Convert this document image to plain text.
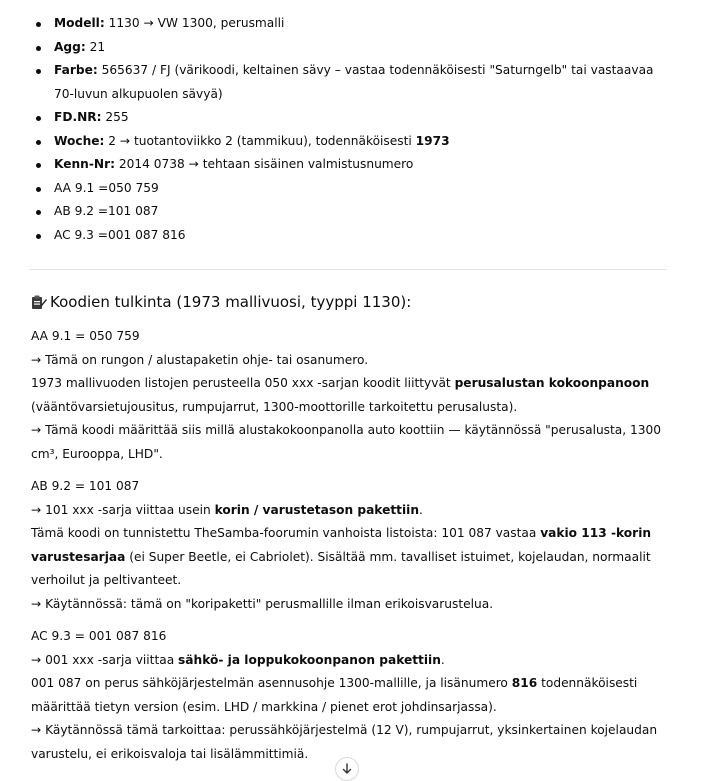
Modell: 1130 → VW 1300, perusmalli
Agg: 21
Farbe: 565637 / FJ (värikoodi, keltainen sävy – vastaa todennäköisesti "Saturngelb" tai vastaavaa 70-luvun alkupuolen sävyä)
FD.NR: 255
Woche: 2 → tuotantoviikko 2 (tammikuu), todennäköisesti 1973
Kenn-Nr: 2014 0738 → tehtaan sisäinen valmistusnumero
AA 9.1 =050 759
AB 9.2 =101 087
AC 9.3 =001 087 816
Koodien tulkinta (1973 mallivuosi, tyyppi 1130):

AA 9.1 = 050 759

→ Tämä on rungon / alustapaketin ohje- tai osanumero.

1973 mallivuoden listojen perusteella 050 xxx -sarjan koodit liittyvät perusalustan kokoonpanoon (vääntövarsietujousitus, rumpujarrut, 1300-moottorille tarkoitettu perusalusta).

→ Tämä koodi määrittää siis millä alustakokoonpanolla auto koottiin — käytännössä "perusalusta, 1300 cm³, Eurooppa, LHD".

AB 9.2 = 101 087

→ 101 xxx -sarja viittaa usein korin / varustetason pakettiin.

Tämä koodi on tunnistettu TheSamba-foorumin vanhoista listoista: 101 087 vastaa vakio 113 -korin varustesarjaa (ei Super Beetle, ei Cabriolet). Sisältää mm. tavalliset istuimet, kojelaudan, normaalit verhoilut ja peltivanteet.

→ Käytännössä: tämä on "koripaketti" perusmallille ilman erikoisvarustelua.

AC 9.3 = 001 087 816

→ 001 xxx -sarja viittaa sähkö- ja loppukokoonpanon pakettiin.

001 087 on perus sähköjärjestelmän asennusohje 1300-mallille, ja lisänumero 816 todennäköisesti määrittää tietyn version (esim. LHD / markkina / pienet erot johdinsarjassa).

→ Käytännössä tämä tarkoittaa: perussähköjärjestelmä (12 V), rumpujarrut, yksinkertainen kojelaudan varustelu, ei erikoisvaloja tai lisälämmittimiä.
